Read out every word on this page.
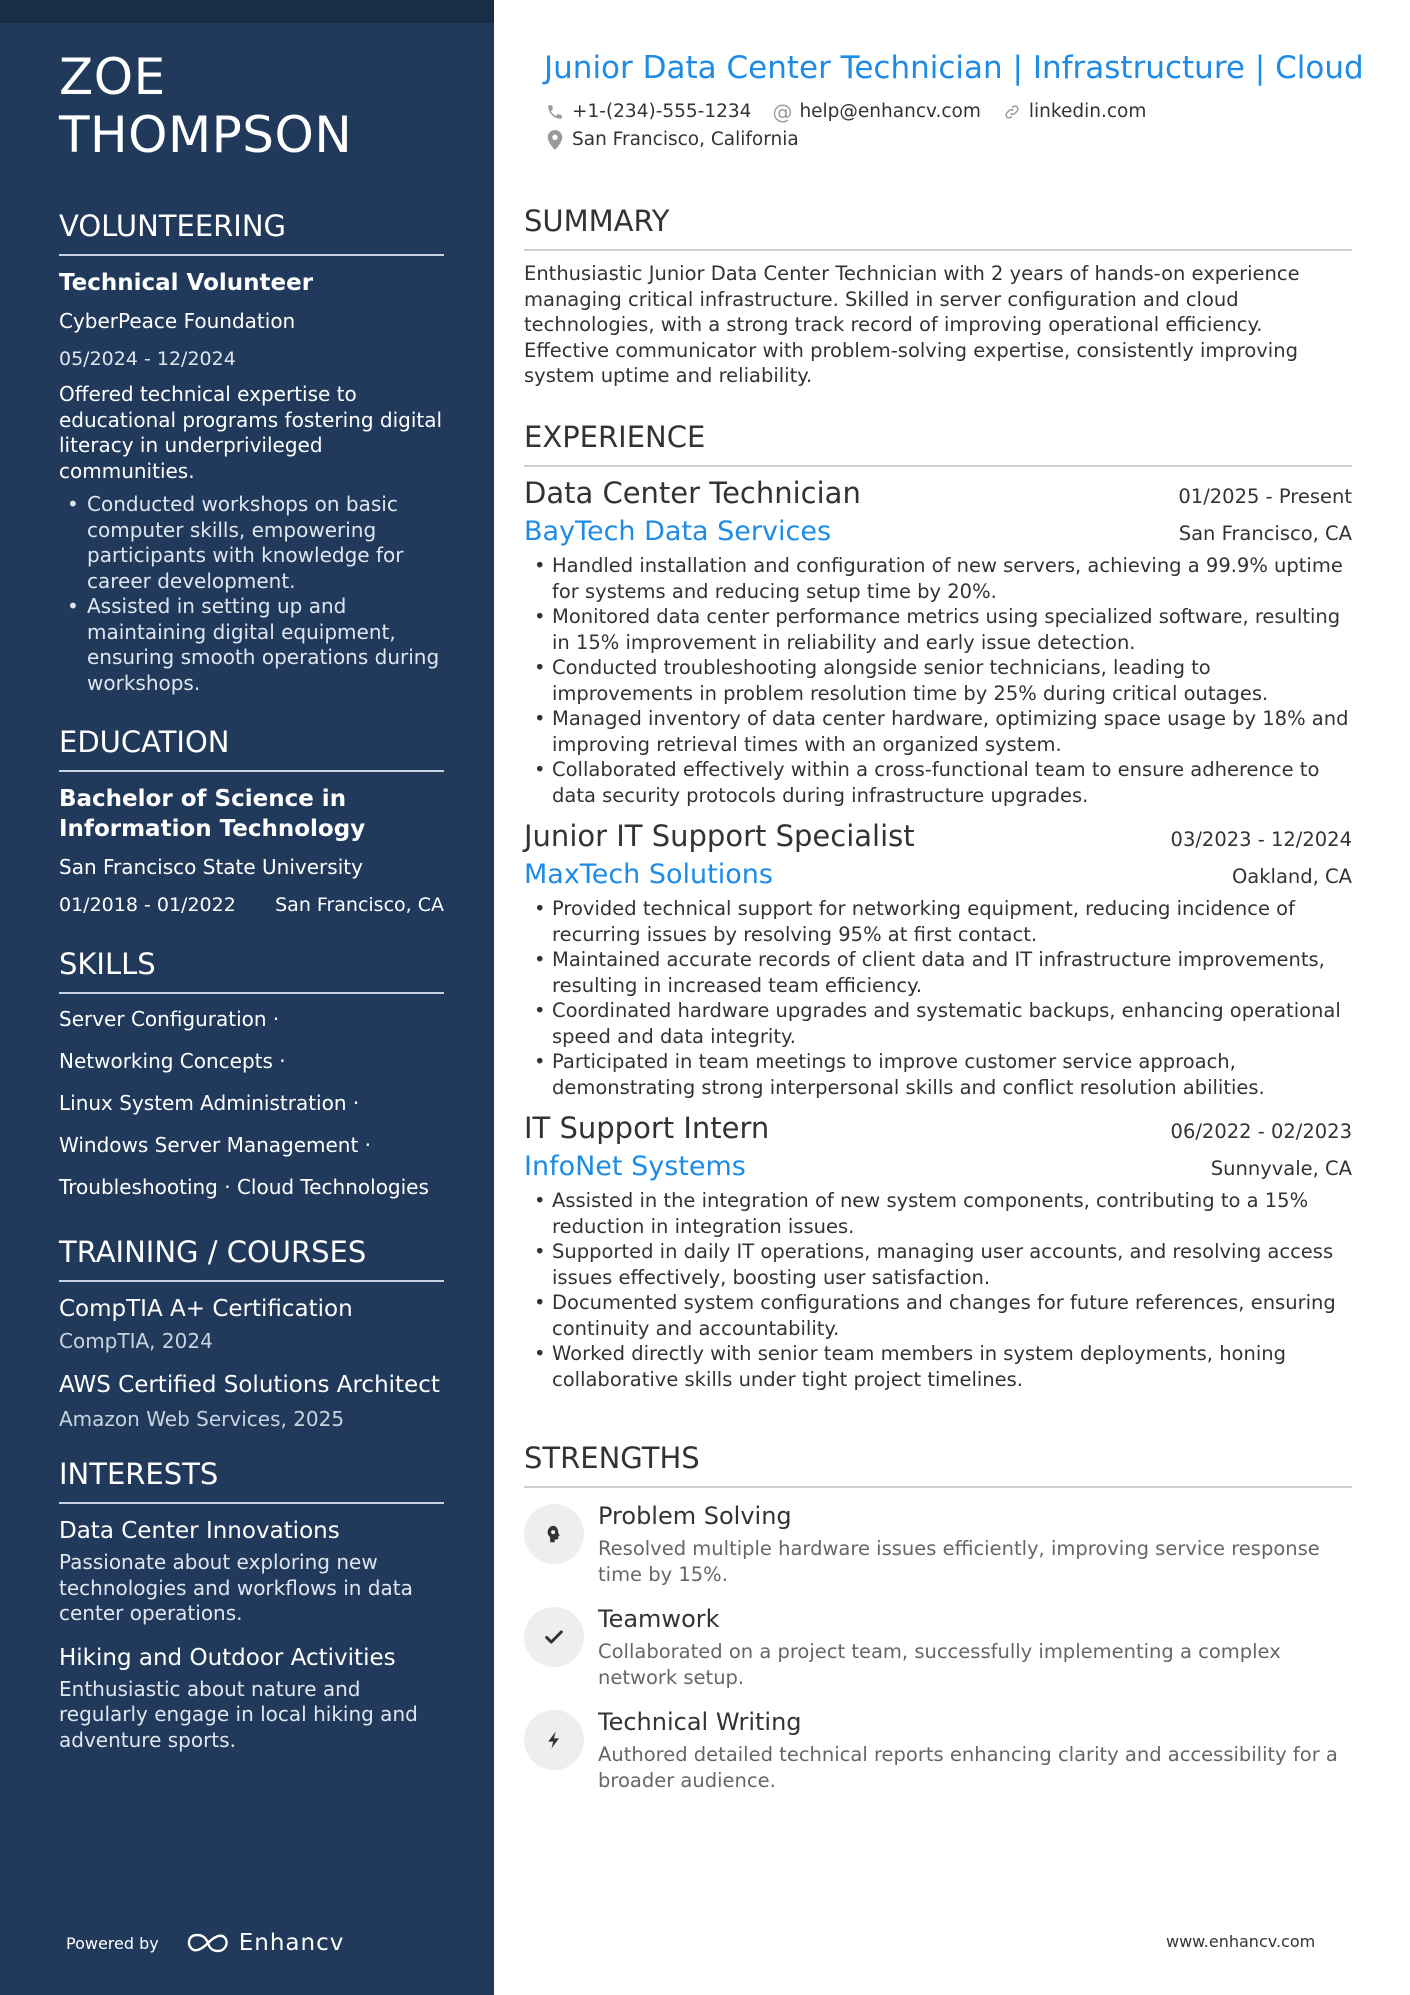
ZOE THOMPSON
VOLUNTEERING
Technical Volunteer
CyberPeace Foundation
05/2024 - 12/2024
Offered technical expertise to educational programs fostering digital literacy in underprivileged communities.
• Conducted workshops on basic computer skills, empowering participants with knowledge for career development.
• Assisted in setting up and maintaining digital equipment, ensuring smooth operations during workshops.
EDUCATION
Bachelor of Science in Information Technology
San Francisco State University
01/2018 - 01/2022 San Francisco, CA
SKILLS
Server Configuration ·
Networking Concepts ·
Linux System Administration ·
Windows Server Management ·
Troubleshooting · Cloud Technologies
TRAINING / COURSES
CompTIA A+ Certification
CompTIA, 2024
AWS Certified Solutions Architect
Amazon Web Services, 2025
INTERESTS
Data Center Innovations
Passionate about exploring new technologies and workflows in data center operations.
Hiking and Outdoor Activities
Enthusiastic about nature and regularly engage in local hiking and adventure sports.
Powered by	Enhancv
Junior Data Center Technician | Infrastructure | Cloud
+1-(234)-555-1234 @ help@enhancv.com	linkedin.com
San Francisco, California
SUMMARY
Enthusiastic Junior Data Center Technician with 2 years of hands-on experience managing critical infrastructure. Skilled in server configuration and cloud technologies, with a strong track record of improving operational efficiency. Effective communicator with problem-solving expertise, consistently improving system uptime and reliability.
EXPERIENCE
Data Center Technician	01/2025 - Present
BayTech Data Services	San Francisco, CA
• Handled installation and configuration of new servers, achieving a 99.9% uptime for systems and reducing setup time by 20%.
• Monitored data center performance metrics using specialized software, resulting in 15% improvement in reliability and early issue detection.
• Conducted troubleshooting alongside senior technicians, leading to improvements in problem resolution time by 25% during critical outages.
• Managed inventory of data center hardware, optimizing space usage by 18% and improving retrieval times with an organized system.
• Collaborated effectively within a cross-functional team to ensure adherence to data security protocols during infrastructure upgrades.
Junior IT Support Specialist	03/2023 - 12/2024
MaxTech Solutions	Oakland, CA
• Provided technical support for networking equipment, reducing incidence of recurring issues by resolving 95% at first contact.
• Maintained accurate records of client data and IT infrastructure improvements, resulting in increased team efficiency.
• Coordinated hardware upgrades and systematic backups, enhancing operational speed and data integrity.
• Participated in team meetings to improve customer service approach, demonstrating strong interpersonal skills and conflict resolution abilities.
IT Support Intern	06/2022 - 02/2023
InfoNet Systems	Sunnyvale, CA
• Assisted in the integration of new system components, contributing to a 15% reduction in integration issues.
• Supported in daily IT operations, managing user accounts, and resolving access issues effectively, boosting user satisfaction.
• Documented system configurations and changes for future references, ensuring continuity and accountability.
• Worked directly with senior team members in system deployments, honing collaborative skills under tight project timelines.
STRENGTHS
Problem Solving
Resolved multiple hardware issues efficiently, improving service response time by 15%.
Teamwork
Collaborated on a project team, successfully implementing a complex network setup.
Technical Writing
Authored detailed technical reports enhancing clarity and accessibility for a broader audience.
www.enhancv.com
